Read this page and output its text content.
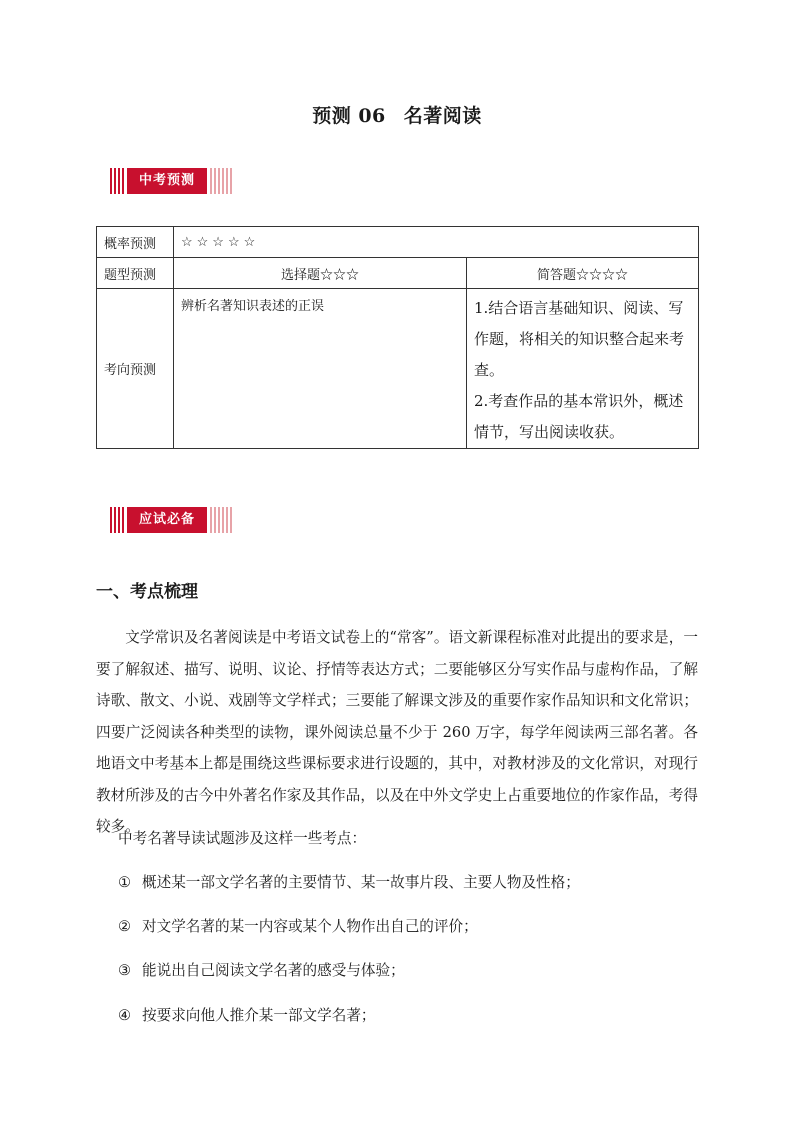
预测 06 名著阅读
中考预测
概率预测	☆☆☆☆☆	
题型预测	选择题☆☆☆	简答题☆☆☆☆
考向预测	辨析名著知识表述的正误	1.结合语言基础知识、阅读、写作题，将相关的知识整合起来考查。

2.考查作品的基本常识外，概述情节，写出阅读收获。

应试必备
一、考点梳理

文学常识及名著阅读是中考语文试卷上的“常客”。语文新课程标准对此提出的要求是，一要了解叙述、描写、说明、议论、抒情等表达方式；二要能够区分写实作品与虚构作品，了解诗歌、散文、小说、戏剧等文学样式；三要能了解课文涉及的重要作家作品知识和文化常识；四要广泛阅读各种类型的读物，课外阅读总量不少于 260 万字，每学年阅读两三部名著。各地语文中考基本上都是围绕这些课标要求进行设题的，其中，对教材涉及的文化常识，对现行教材所涉及的古今中外著名作家及其作品，以及在中外文学史上占重要地位的作家作品，考得较多。

中考名著导读试题涉及这样一些考点：
① 概述某一部文学名著的主要情节、某一故事片段、主要人物及性格；
② 对文学名著的某一内容或某个人物作出自己的评价；
③ 能说出自己阅读文学名著的感受与体验；
④ 按要求向他人推介某一部文学名著；
